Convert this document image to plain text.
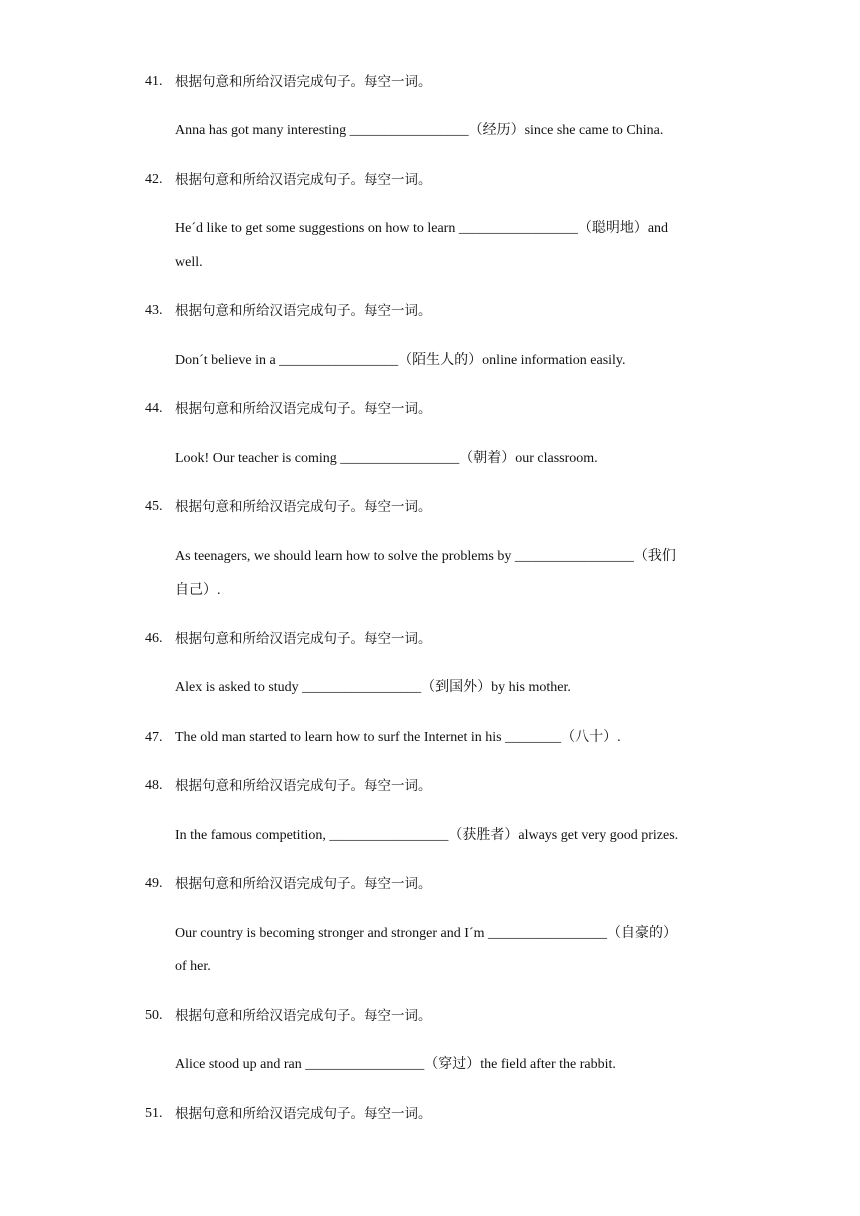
41. 根据句意和所给汉语完成句子。每空一词。
Anna has got many interesting _________________（经历）since she came to China.
42. 根据句意和所给汉语完成句子。每空一词。
He´d like to get some suggestions on how to learn _________________（聪明地）and
well.
43. 根据句意和所给汉语完成句子。每空一词。
Don´t believe in a _________________（陌生人的）online information easily.
44. 根据句意和所给汉语完成句子。每空一词。
Look! Our teacher is coming _________________（朝着）our classroom.
45. 根据句意和所给汉语完成句子。每空一词。
As teenagers, we should learn how to solve the problems by _________________（我们
自己）.
46. 根据句意和所给汉语完成句子。每空一词。
Alex is asked to study _________________（到国外）by his mother.
47. The old man started to learn how to surf the Internet in his ________（八十）.
48. 根据句意和所给汉语完成句子。每空一词。
In the famous competition, _________________（获胜者）always get very good prizes.
49. 根据句意和所给汉语完成句子。每空一词。
Our country is becoming stronger and stronger and I´m _________________（自豪的）
of her.
50. 根据句意和所给汉语完成句子。每空一词。
Alice stood up and ran _________________（穿过）the field after the rabbit.
51. 根据句意和所给汉语完成句子。每空一词。
